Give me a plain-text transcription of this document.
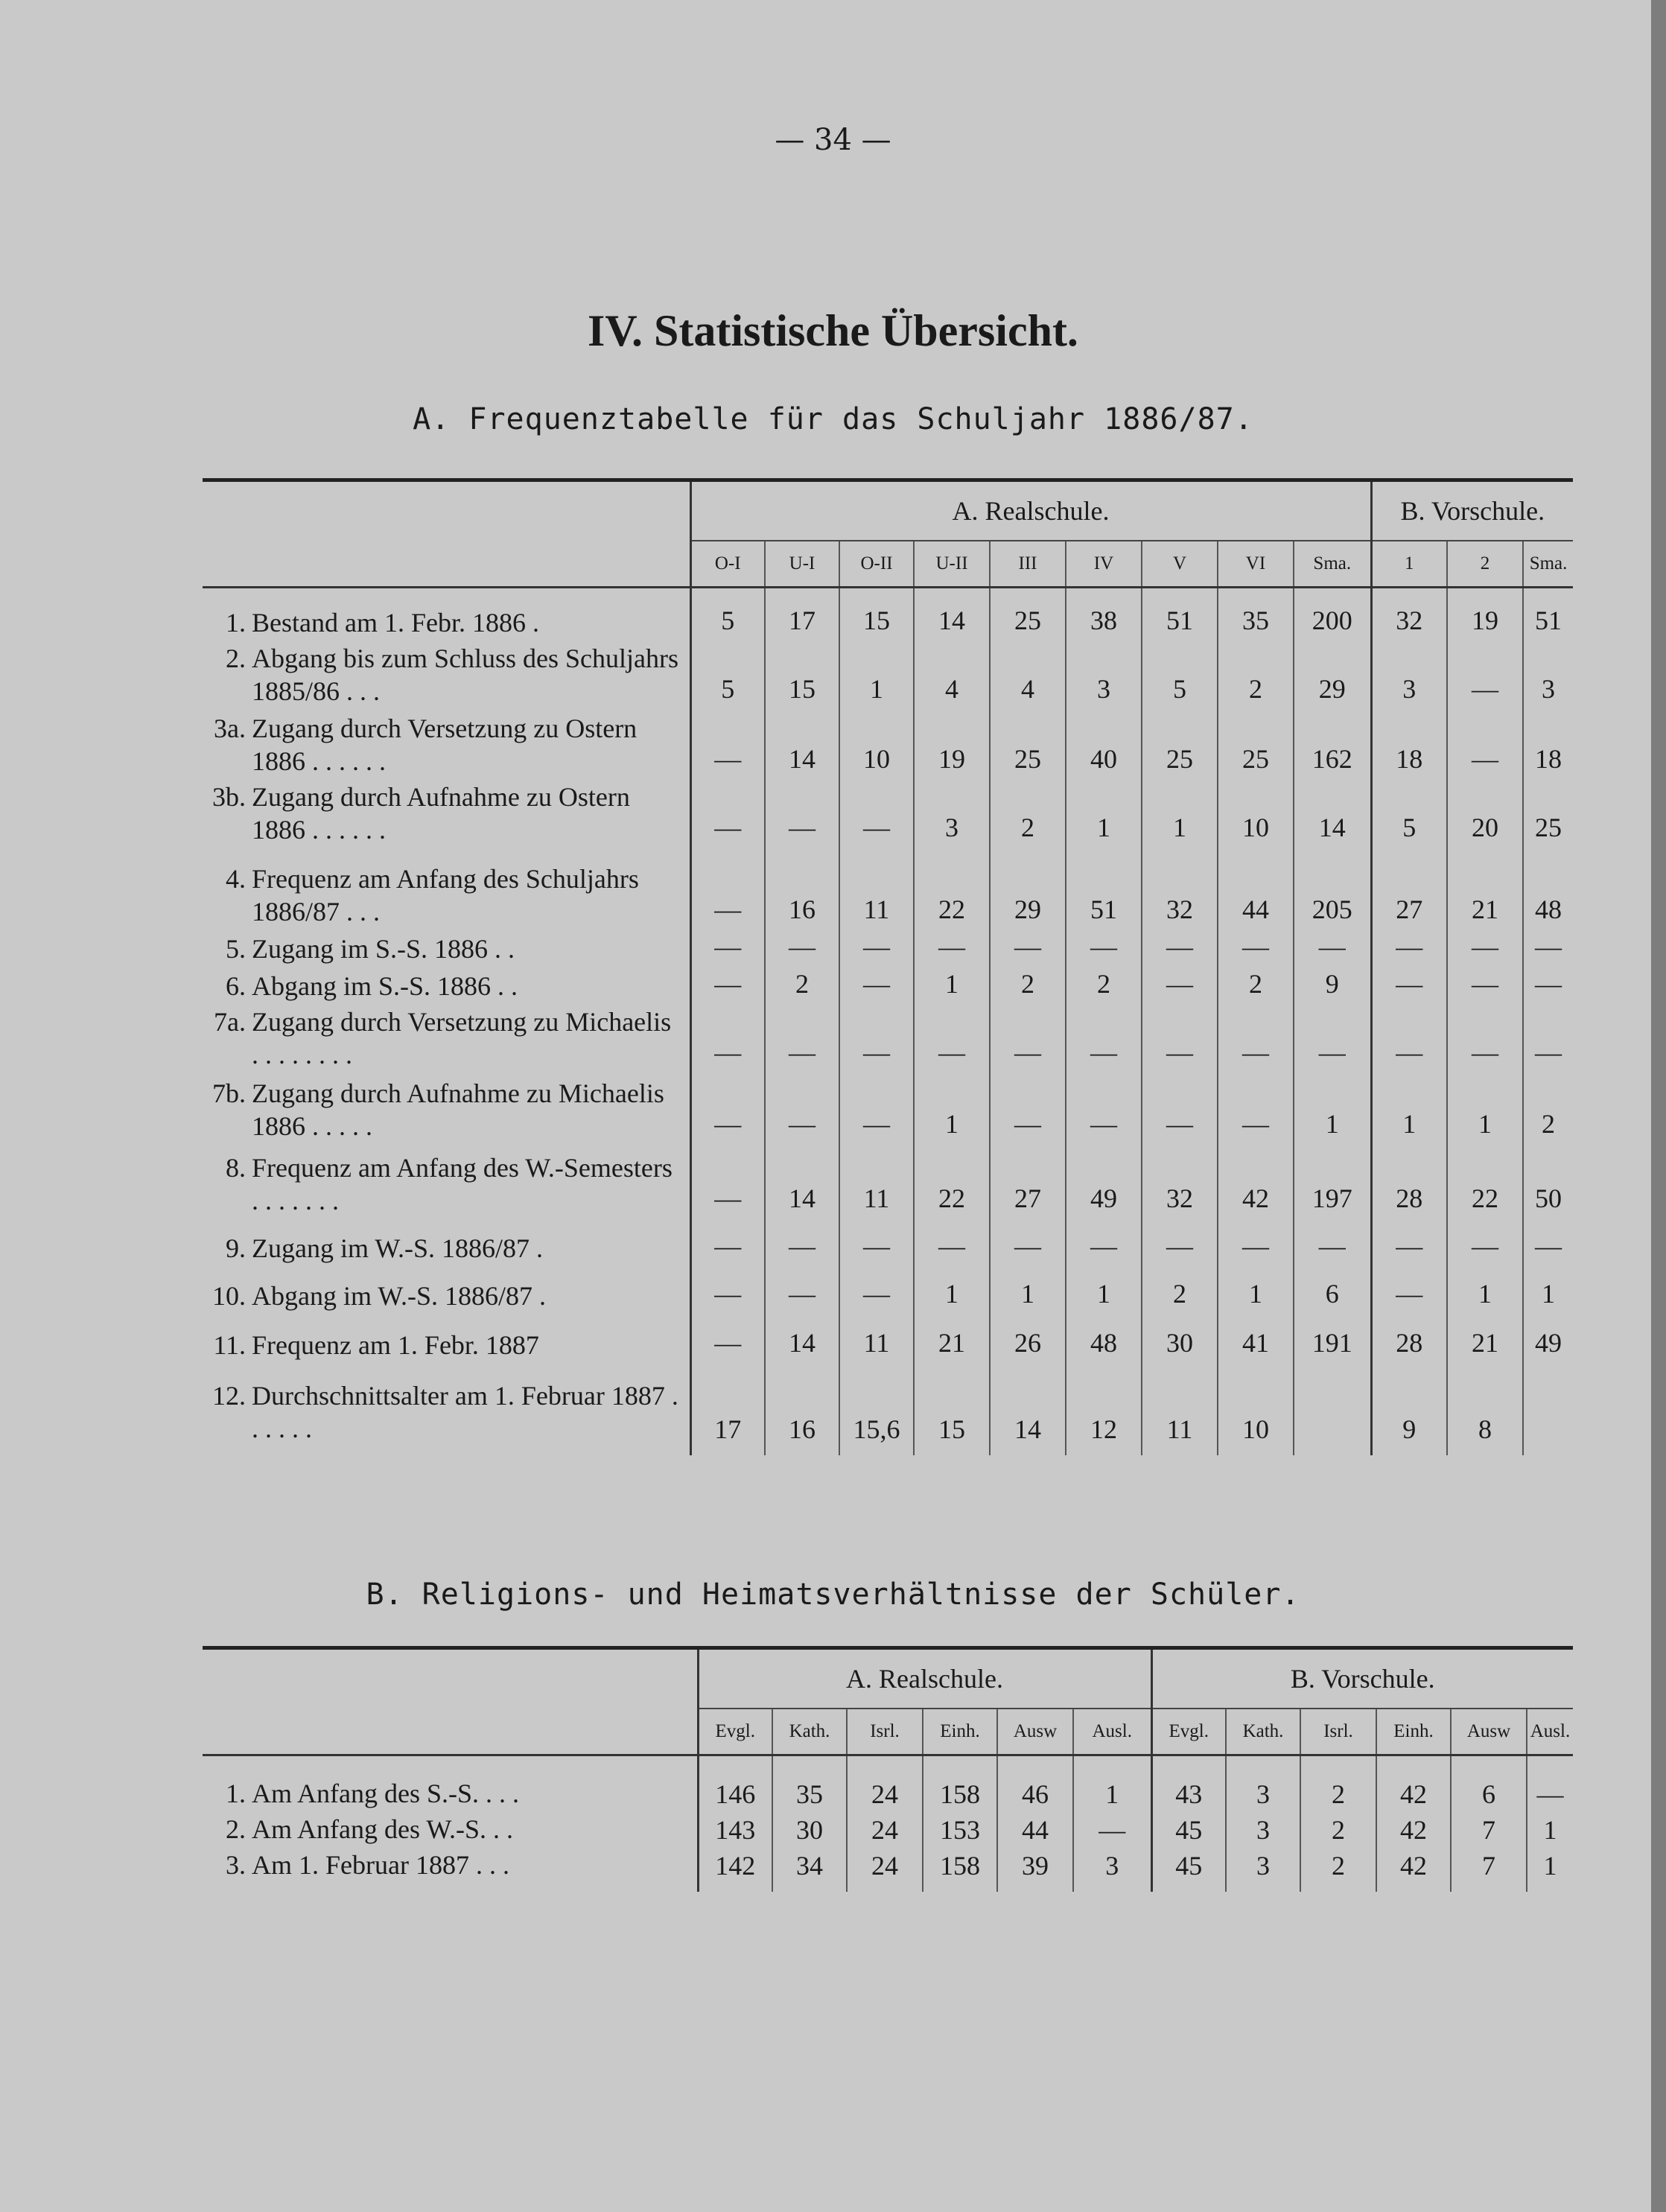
— 34 —
IV. Statistische Übersicht.
A. Frequenztabelle für das Schuljahr 1886/87.
	A. Realschule.									B. Vorschule.		
	O-I	U-I	O-II	U-II	III	IV	V	VI	Sma.	1	2	Sma.

1. Bestand am 1. Febr. 1886 .	5	17	15	14	25	38	51	35	200	32	19	51

2. Abgang bis zum Schluss des Schuljahrs 1885/86 . . .	5	15	1	4	4	3	5	2	29	3	—	3

3a. Zugang durch Versetzung zu Ostern 1886 . . . . . .	—	14	10	19	25	40	25	25	162	18	—	18

3b. Zugang durch Aufnahme zu Ostern 1886 . . . . . .	—	—	—	3	2	1	1	10	14	5	20	25

4. Frequenz am Anfang des Schuljahrs 1886/87 . . .	—	16	11	22	29	51	32	44	205	27	21	48

5. Zugang im S.-S. 1886 . .	—	—	—	—	—	—	—	—	—	—	—	—

6. Abgang im S.-S. 1886 . .	—	2	—	1	2	2	—	2	9	—	—	—

7a. Zugang durch Versetzung zu Michaelis . . . . . . . .	—	—	—	—	—	—	—	—	—	—	—	—

7b. Zugang durch Aufnahme zu Michaelis 1886 . . . . .	—	—	—	1	—	—	—	—	1	1	1	2

8. Frequenz am Anfang des W.-Semesters . . . . . . .	—	14	11	22	27	49	32	42	197	28	22	50

9. Zugang im W.-S. 1886/87 .	—	—	—	—	—	—	—	—	—	—	—	—

10. Abgang im W.-S. 1886/87 .	—	—	—	1	1	1	2	1	6	—	1	1

11. Frequenz am 1. Febr. 1887	—	14	11	21	26	48	30	41	191	28	21	49

12. Durchschnittsalter am 1. Februar 1887 . . . . . .	17	16	15,6	15	14	12	11	10		9	8	
B. Religions- und Heimatsverhältnisse der Schüler.
	A. Realschule.						B. Vorschule.					
	Evgl.	Kath.	Isrl.	Einh.	Ausw	Ausl.	Evgl.	Kath.	Isrl.	Einh.	Ausw	Ausl.

1. Am Anfang des S.-S. . . .	146	35	24	158	46	1	43	3	2	42	6	—

2. Am Anfang des W.-S. . .	143	30	24	153	44	—	45	3	2	42	7	1

3. Am 1. Februar 1887 . . .	142	34	24	158	39	3	45	3	2	42	7	1
